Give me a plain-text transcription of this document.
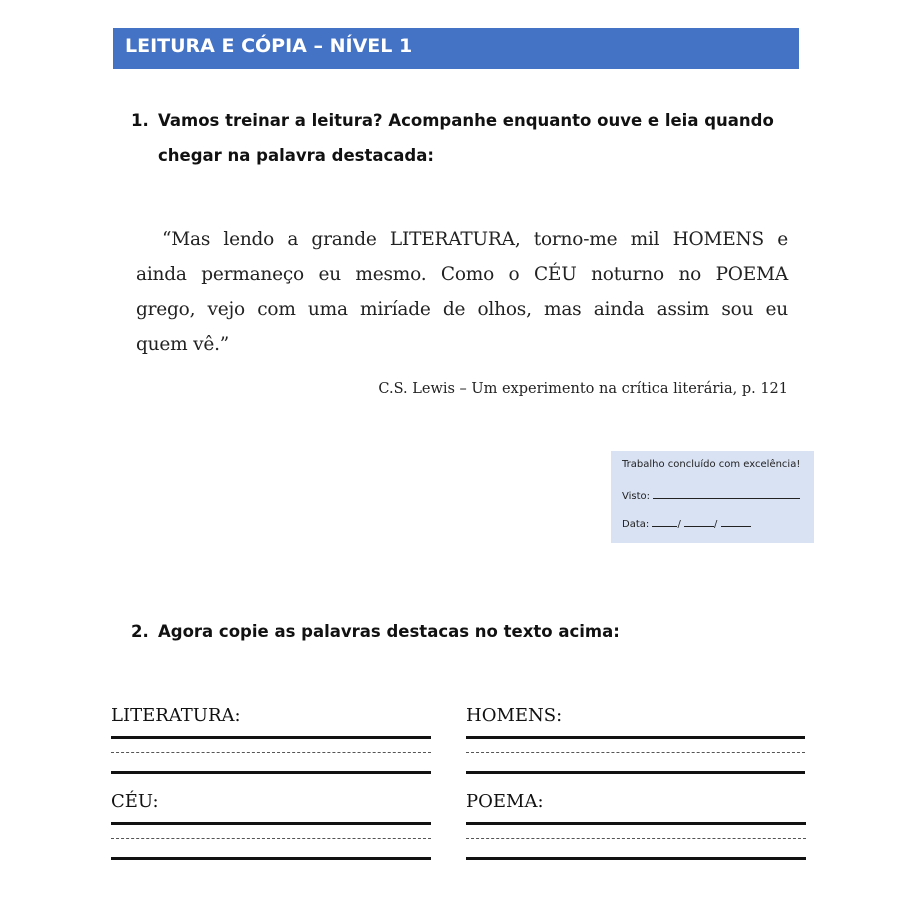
LEITURA E CÓPIA – NÍVEL 1
1. Vamos treinar a leitura? Acompanhe enquanto ouve e leia quando
chegar na palavra destacada:
“Mas lendo a grande LITERATURA, torno-me mil HOMENS e
ainda permaneço eu mesmo. Como o CÉU noturno no POEMA
grego, vejo com uma miríade de olhos, mas ainda assim sou eu
quem vê.”
C.S. Lewis – Um experimento na crítica literária, p. 121
Trabalho concluído com excelência!
Visto:
Data:	/	/
2. Agora copie as palavras destacas no texto acima:
LITERATURA:	HOMENS:
CÉU:	POEMA:
